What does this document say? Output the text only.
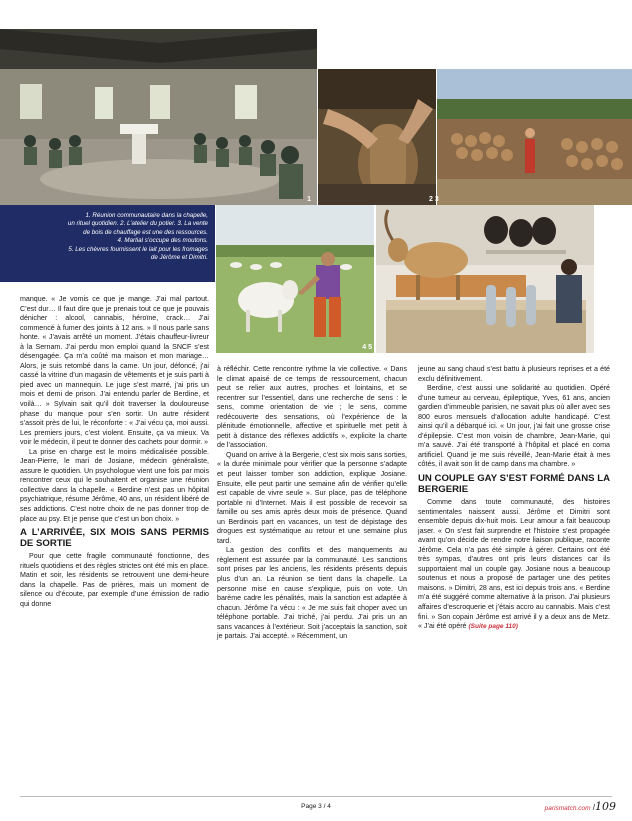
1	2 3

1. Réunion communautaire dans la chapelle,

un rituel quotidien. 2. L’atelier du potier. 3. La vente

de bois de chauffage est une des ressources.

4. Martial s’occupe des moutons.

5. Les chèvres fournissent le lait pour les fromages

de Jérôme et Dimitri.

4 5

manque. « Je vomis ce que je mange. J’ai mal partout. C’est dur… Il faut dire que je prenais tout ce que je pouvais dénicher : alcool, cannabis, héroïne, crack… J’ai commencé à fumer des joints à 12 ans. » Il nous parle sans honte. « J’avais arrêté un moment. J’étais chauffeur-livreur à la Sernam. J’ai perdu mon emploi quand la SNCF s’est désengagée. Ça m’a coûté ma maison et mon mariage… Alors, je suis retombé dans la came. Un jour, défoncé, j’ai cassé la vitrine d’un magasin de vêtements et je suis parti à pied avec un mannequin. Le juge s’est marré, j’ai pris un mois et demi de prison. J’ai entendu parler de Berdine, et voilà… » Sylvain sait qu’il doit traverser la douloureuse phase du manque pour s’en sortir. Un autre résident s’assoit près de lui, le réconforte : « J’ai vécu ça, moi aussi. Les premiers jours, c’est violent. Ensuite, ça va mieux. Va voir le médecin, il peut te donner des cachets pour dormir. »

La prise en charge est le moins médicalisée possible. Jean-Pierre, le mari de Josiane, médecin généraliste, assure le quotidien. Un psychologue vient une fois par mois rencontrer ceux qui le souhaitent et organise une réunion collective dans la chapelle. « Berdine n’est pas un hôpital psychiatrique, résume Jérôme, 40 ans, un résident libéré de ses addictions. C’est notre choix de ne pas donner trop de place au psy. Et je pense que c’est un bon choix. »

A L’ARRIVÉE, SIX MOIS SANS PERMIS DE SORTIE

Pour que cette fragile communauté fonctionne, des rituels quotidiens et des règles strictes ont été mis en place. Matin et soir, les résidents se retrouvent une demi-heure dans la chapelle. Pas de prières, mais un moment de silence ou d’écoute, par exemple d’une émission de radio qui donne

à réfléchir. Cette rencontre rythme la vie collective. « Dans le climat apaisé de ce temps de ressourcement, chacun peut se relier aux autres, proches et lointains, et se recentrer sur l’essentiel, dans une recherche de sens : le sens, comme orientation de vie ; le sens, comme redécouverte des sensations, où l’expérience de la plénitude émotionnelle, affective et spirituelle met petit à petit à distance des réflexes addictifs », explicite la charte de l’association.

Quand on arrive à la Bergerie, c’est six mois sans sorties, « la durée minimale pour vérifier que la personne s’adapte et peut laisser tomber son addiction, explique Josiane. Ensuite, elle peut partir une semaine afin de vérifier qu’elle est capable de vivre seule ». Sur place, pas de téléphone portable ni d’Internet. Mais il est possible de recevoir sa famille ou ses amis après deux mois de présence. Quand un Berdinois part en vacances, un test de dépistage des drogues est systématique au retour et une semaine plus tard.

La gestion des conflits et des manquements au règlement est assurée par la communauté. Les sanctions sont prises par les anciens, les résidents présents depuis plus d’un an. La réunion se tient dans la chapelle. La personne mise en cause s’explique, puis on vote. Un barème cadre les pénalités, mais la sanction est adaptée à chacun. Jérôme l’a vécu : « Je me suis fait choper avec un téléphone portable. J’ai triché, j’ai perdu. J’ai pris un an sans vacances à l’extérieur. Soit j’acceptais la sanction, soit je partais. J’ai accepté. » Récemment, un

jeune au sang chaud s’est battu à plusieurs reprises et a été exclu définitivement.

Berdine, c’est aussi une solidarité au quotidien. Opéré d’une tumeur au cerveau, épileptique, Yves, 61 ans, ancien gardien d’immeuble parisien, ne savait plus où aller avec ses 800 euros mensuels d’allocation adulte handicapé. C’est ainsi qu’il a débarqué ici. « Un jour, j’ai fait une grosse crise d’épilepsie. C’est mon voisin de chambre, Jean-Marie, qui m’a sauvé. J’ai été transporté à l’hôpital et placé en coma artificiel. Quand je me suis réveillé, Jean-Marie était à mes côtés, il avait son lit de camp dans ma chambre. »

UN COUPLE GAY S’EST FORMÉ DANS LA BERGERIE

Comme dans toute communauté, des histoires sentimentales naissent aussi. Jérôme et Dimitri sont ensemble depuis dix-huit mois. Leur amour a fait beaucoup jaser. « On s’est fait surprendre et l’histoire s’est propagée avant qu’on décide de rendre notre liaison publique, raconte Jérôme. Cela n’a pas été simple à gérer. Certains ont été très sympas, d’autres ont pris leurs distances car ils supportaient mal un couple gay. Josiane nous a beaucoup soutenus et nous a proposé de partager une des petites maisons. » Dimitri, 28 ans, est ici depuis trois ans. « Berdine m’a été suggéré comme alternative à la prison. J’ai plusieurs affaires d’escroquerie et j’étais accro au cannabis. Mais c’est fini. » Son copain Jérôme est arrivé il y a deux ans de Metz. « J’ai été opéré (Suite page 110)

Page 3 / 4	parismatch.com /109
